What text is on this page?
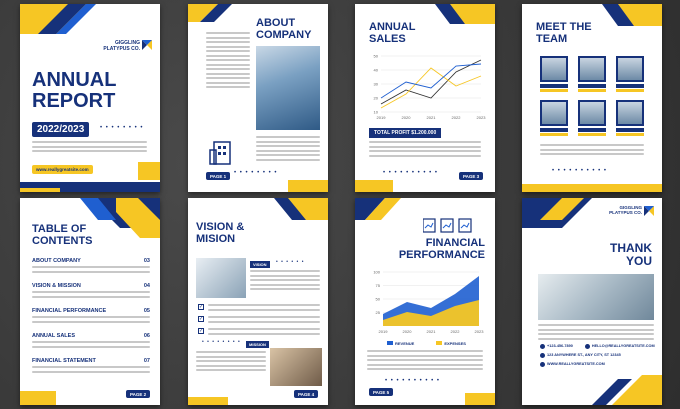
GIGGLING
PLATYPUS CO.
ANNUAL
REPORT
2022/2023	• • • • • • • •
www.reallygreatsite.com
ABOUT
COMPANY
PAGE 1	• • • • • • • •
ANNUAL
SALES
50
40
30
20
10
2019	2020	2021	2022	2023
TOTAL PROFIT $1.200.000
PAGE 3
• • • • • • • • • •
MEET THE
TEAM
• • • • • • • • • •
TABLE OF
CONTENTS
ABOUT COMPANY	03
VISION & MISSION	04
FINANCIAL PERFORMANCE	05
ANNUAL SALES	06
FINANCIAL STATEMENT	07
PAGE 2
VISION &
MISION
VISION	• • • • • •
✓
✓
✓
MISSION
• • • • • • • •
PAGE 4
FINANCIAL
PERFORMANCE
100
75
50
25
2019	2020	2021	2022	2023
REVENUE	EXPENSES
• • • • • • • • • •
PAGE 5
GIGGLING
PLATYPUS CO.
THANK
YOU
+123-456-7890	HELLO@REALLYGREATSITE.COM
123 ANYWHERE ST., ANY CITY, ST 12345
WWW.REALLYGREATSITE.COM
